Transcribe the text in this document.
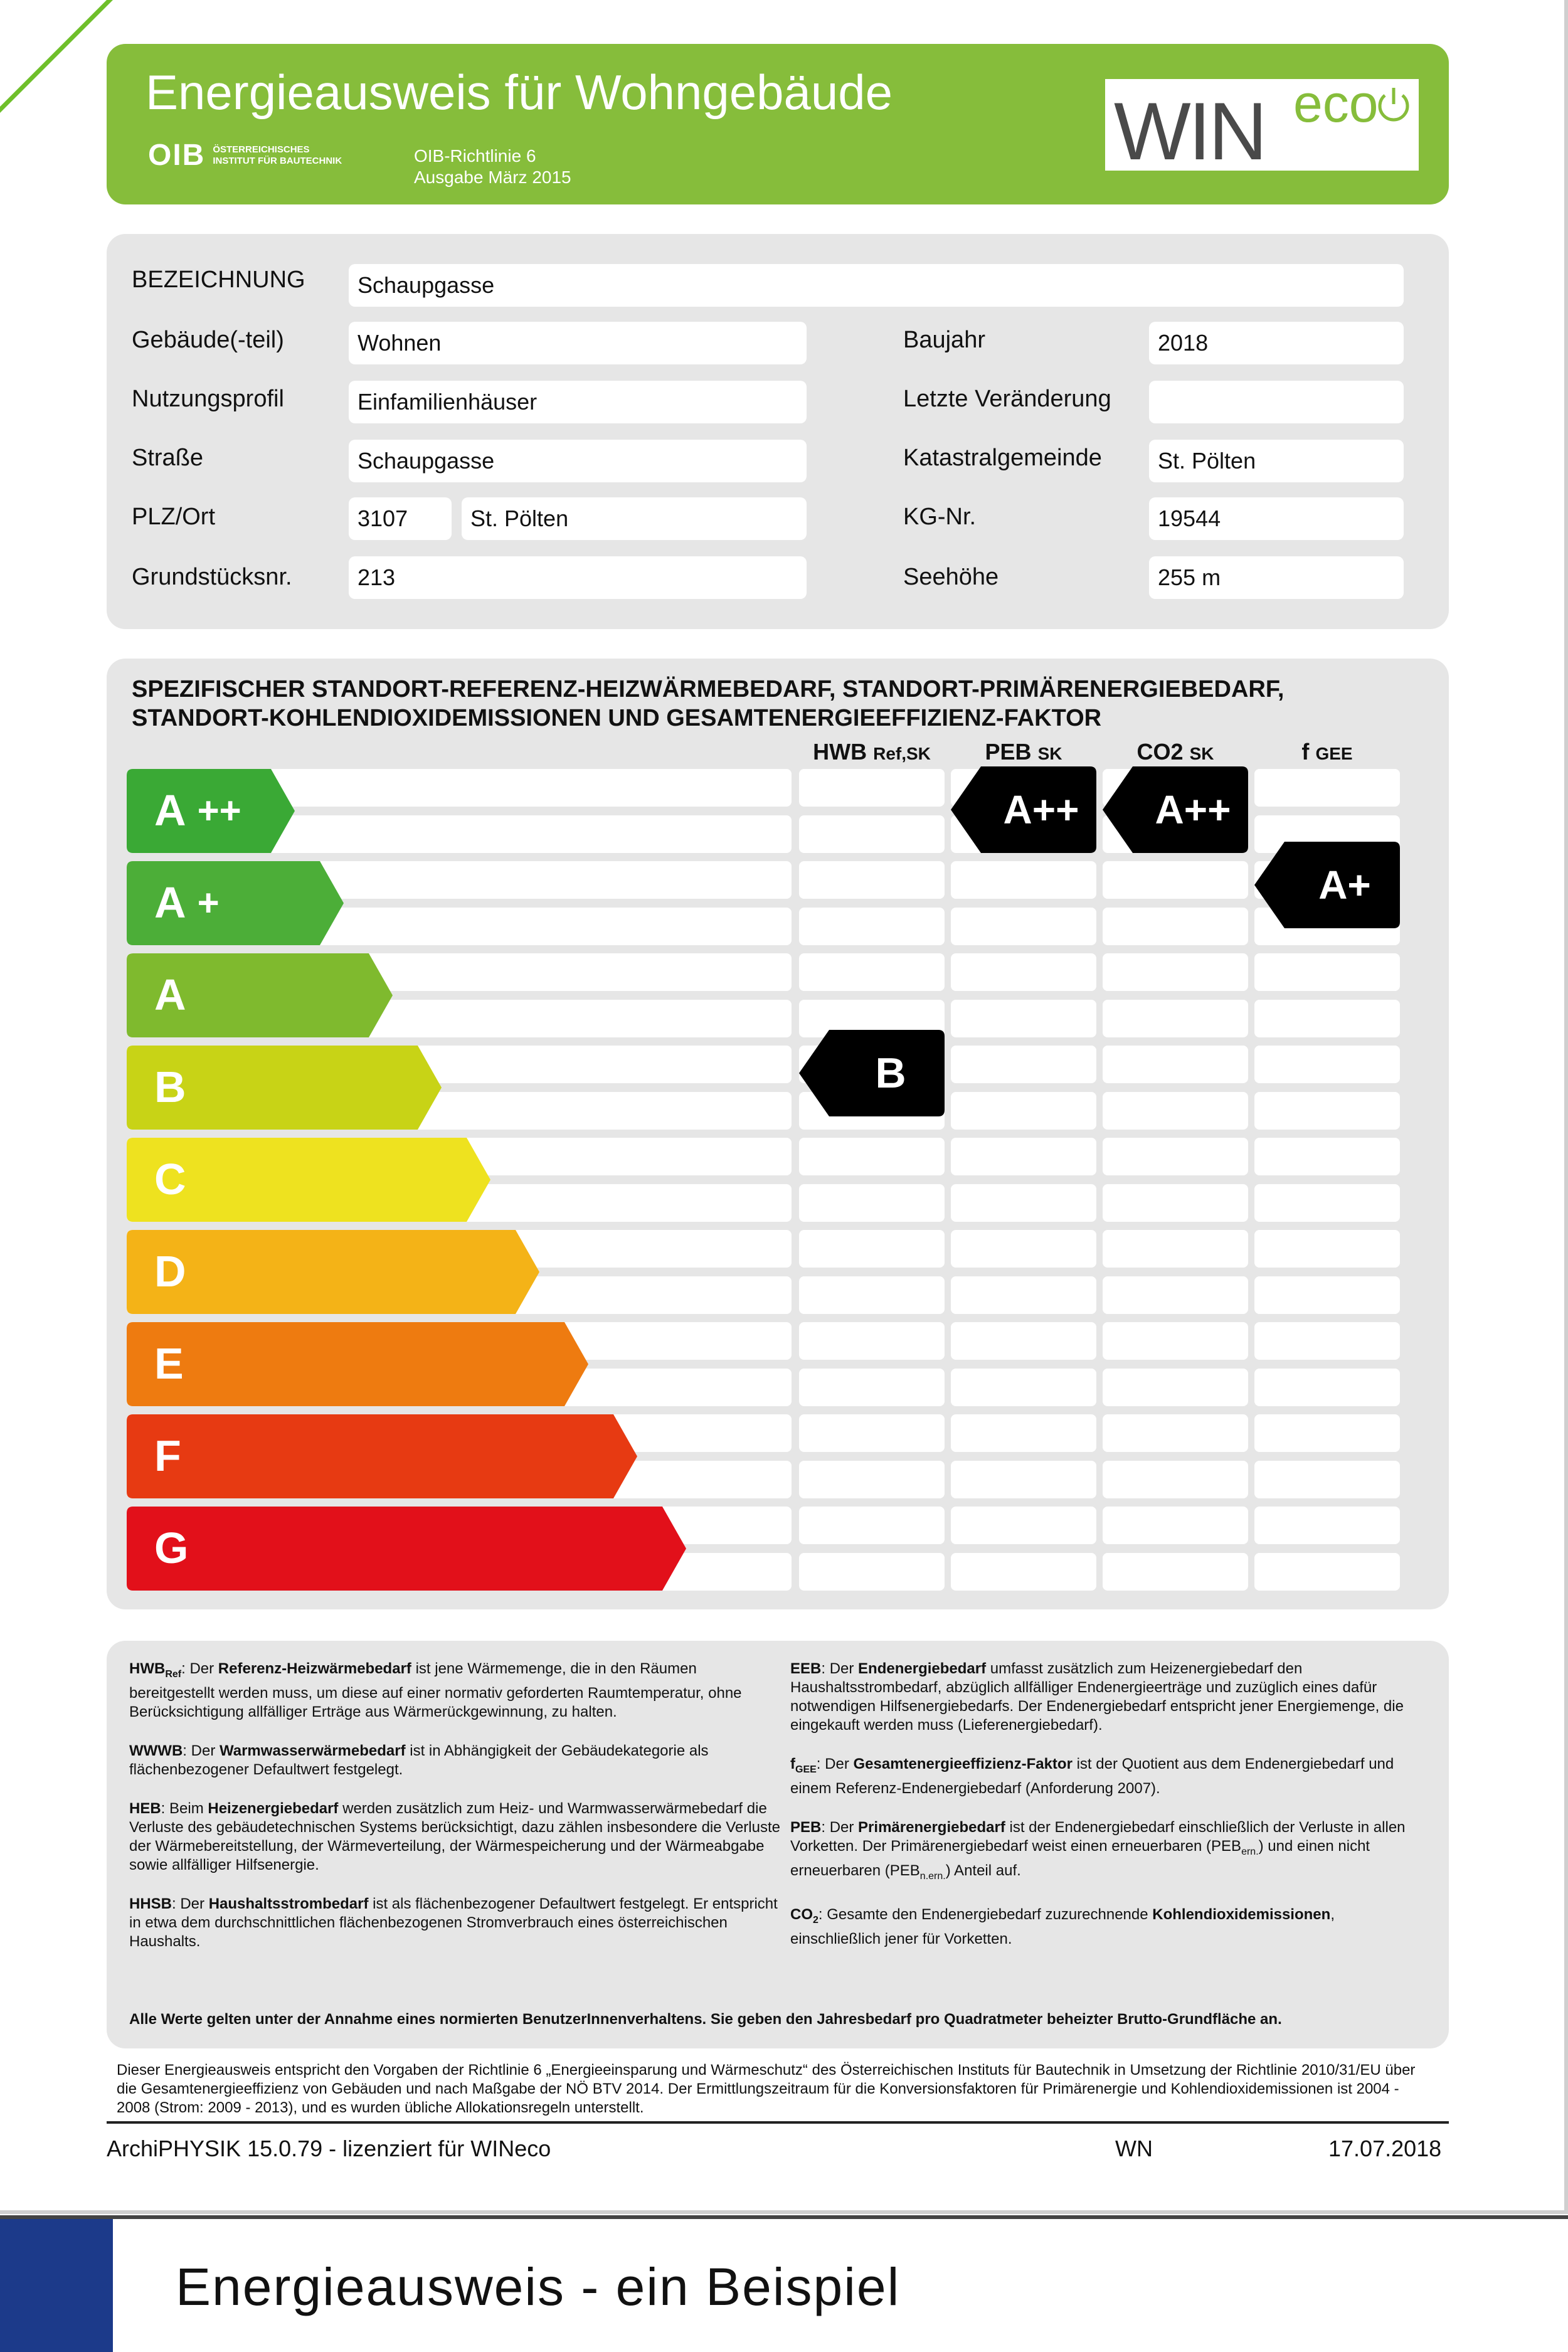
Energieausweis für Wohngebäude
OIB ÖSTERREICHISCHES
INSTITUT FÜR BAUTECHNIK	OIB-Richtlinie 6
Ausgabe März 2015
WIN eco
BEZEICHNUNG	Schaupgasse
Gebäude(-teil)	Wohnen	Baujahr	2018
Nutzungsprofil	Einfamilienhäuser	Letzte Veränderung
Straße	Schaupgasse	Katastralgemeinde	St. Pölten
PLZ/Ort	3107	St. Pölten	KG-Nr.	19544
Grundstücksnr.	213	Seehöhe	255 m
SPEZIFISCHER STANDORT-REFERENZ-HEIZWÄRMEBEDARF, STANDORT-PRIMÄRENERGIEBEDARF,
STANDORT-KOHLENDIOXIDEMISSIONEN UND GESAMTENERGIEEFFIZIENZ-FAKTOR
HWB Ref,SK	PEB SK	CO2 SK	f GEE
A ++
A +
A
B
C
D
E
F
G
B
A++	A++
A+

$HWB_{Ref}$: Der Referenz-Heizwärmebedarf ist jene Wärmemenge, die in den Räumen bereitgestellt werden muss, um diese auf einer normativ geforderten Raumtemperatur, ohne Berücksichtigung allfälliger Erträge aus Wärmerückgewinnung, zu halten.

WWWB: Der Warmwasserwärmebedarf ist in Abhängigkeit der Gebäudekategorie als flächenbezogener Defaultwert festgelegt.

HEB: Beim Heizenergiebedarf werden zusätzlich zum Heiz- und Warmwasserwärmebedarf die Verluste des gebäudetechnischen Systems berücksichtigt, dazu zählen insbesondere die Verluste der Wärmebereitstellung, der Wärmeverteilung, der Wärmespeicherung und der Wärmeabgabe sowie allfälliger Hilfsenergie.

HHSB: Der Haushaltsstrombedarf ist als flächenbezogener Defaultwert festgelegt. Er entspricht in etwa dem durchschnittlichen flächenbezogenen Stromverbrauch eines österreichischen Haushalts.

EEB: Der Endenergiebedarf umfasst zusätzlich zum Heizenergiebedarf den Haushaltsstrombedarf, abzüglich allfälliger Endenergieerträge und zuzüglich eines dafür notwendigen Hilfsenergiebedarfs. Der Endenergiebedarf entspricht jener Energiemenge, die eingekauft werden muss (Lieferenergiebedarf).

$f_{GEE}$: Der Gesamtenergieeffizienz-Faktor ist der Quotient aus dem Endenergiebedarf und einem Referenz-Endenergiebedarf (Anforderung 2007).

PEB: Der Primärenergiebedarf ist der Endenergiebedarf einschließlich der Verluste in allen Vorketten. Der Primärenergiebedarf weist einen erneuerbaren $(PEB_{ern.})$ und einen nicht erneuerbaren $(PEB_{n.ern.})$ Anteil auf.

$CO_2$: Gesamte den Endenergiebedarf zuzurechnende Kohlendioxidemissionen, einschließlich jener für Vorketten.

Alle Werte gelten unter der Annahme eines normierten BenutzerInnenverhaltens. Sie geben den Jahresbedarf pro Quadratmeter beheizter Brutto-Grundfläche an.
Dieser Energieausweis entspricht den Vorgaben der Richtlinie 6 „Energieeinsparung und Wärmeschutz“ des Österreichischen Instituts für Bautechnik in Umsetzung der Richtlinie 2010/31/EU über die Gesamtenergieeffizienz von Gebäuden und nach Maßgabe der NÖ BTV 2014. Der Ermittlungszeitraum für die Konversionsfaktoren für Primärenergie und Kohlendioxidemissionen ist 2004 - 2008 (Strom: 2009 - 2013), und es wurden übliche Allokationsregeln unterstellt.
ArchiPHYSIK 15.0.79 - lizenziert für WINeco	WN	17.07.2018
Energieausweis - ein Beispiel
